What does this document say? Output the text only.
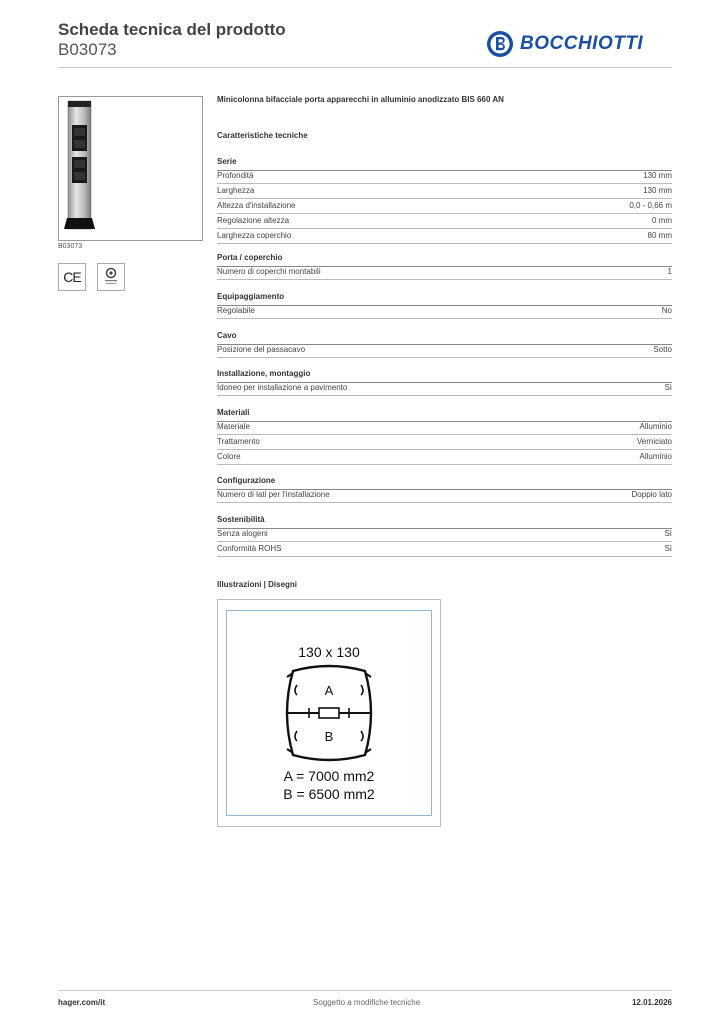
Scheda tecnica del prodotto
B03073	BOCCHIOTTI
B03073
CE
Minicolonna bifacciale porta apparecchi in alluminio anodizzato BIS 660 AN
Caratteristiche tecniche
Serie
Profondità	130 mm
Larghezza	130 mm
Altezza d'installazione	0,0 - 0,66 m
Regolazione altezza	0 mm
Larghezza coperchio	80 mm
Porta / coperchio
Numero di coperchi montabili	1
Equipaggiamento
Regolabile	No
Cavo
Posizione del passacavo	Sotto
Installazione, montaggio
Idoneo per installazione a pavimento	Sì
Materiali
Materiale	Alluminio
Trattamento	Verniciato
Colore	Alluminio
Configurazione
Numero di lati per l'installazione	Doppio lato
Sostenibilità
Senza alogeni	Sì
Conformità ROHS	Sì
Illustrazioni | Disegni
130 x 130
A
B
A = 7000 mm2
B = 6500 mm2
hager.com/it	Soggetto a modifiche tecniche	12.01.2026
